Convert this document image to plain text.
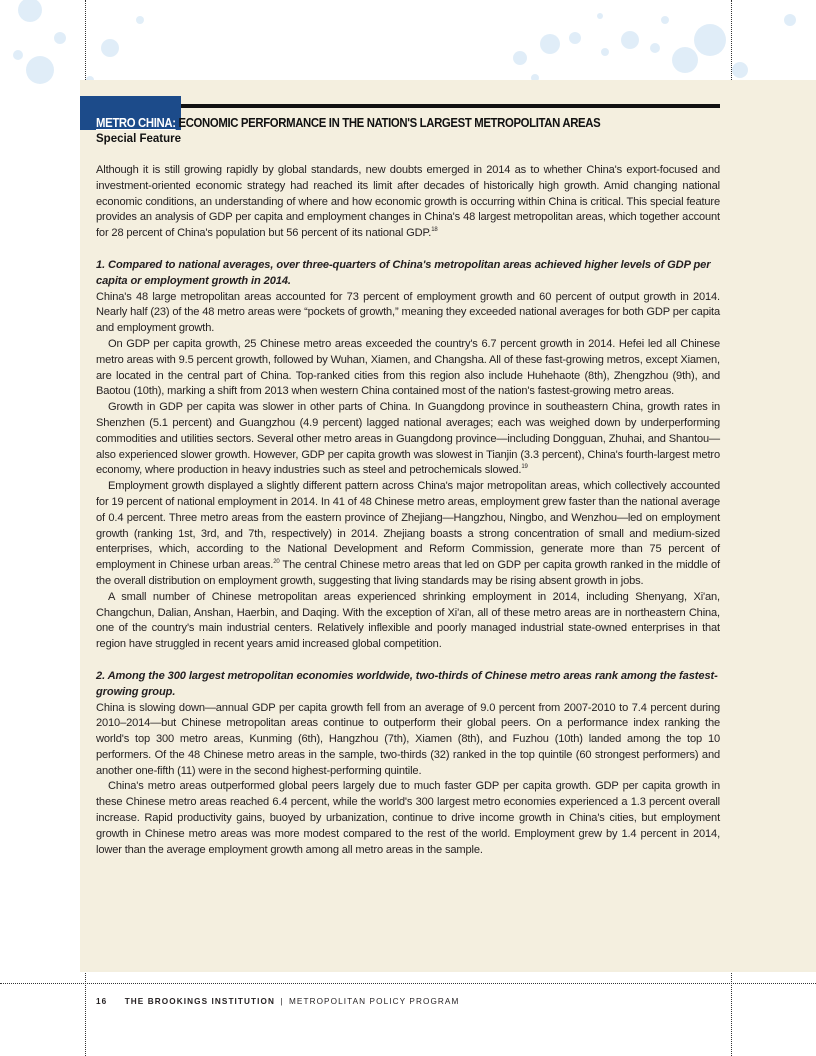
METRO CHINA: ECONOMIC PERFORMANCE IN THE NATION'S LARGEST METROPOLITAN AREAS
Special Feature

Although it is still growing rapidly by global standards, new doubts emerged in 2014 as to whether China's export-focused and investment-oriented economic strategy had reached its limit after decades of historically high growth. Amid changing national economic conditions, an understanding of where and how economic growth is occurring within China is critical. This special feature provides an analysis of GDP per capita and employment changes in China's 48 largest metropolitan areas, which together account for 28 percent of China's population but 56 percent of its national GDP.$^{18}$

1. Compared to national averages, over three-quarters of China's metropolitan areas achieved higher levels of GDP per capita or employment growth in 2014.

China's 48 large metropolitan areas accounted for 73 percent of employment growth and 60 percent of output growth in 2014. Nearly half (23) of the 48 metro areas were “pockets of growth,” meaning they exceeded national averages for both GDP per capita and employment growth.

On GDP per capita growth, 25 Chinese metro areas exceeded the country's 6.7 percent growth in 2014. Hefei led all Chinese metro areas with 9.5 percent growth, followed by Wuhan, Xiamen, and Changsha. All of these fast-growing metros, except Xiamen, are located in the central part of China. Top-ranked cities from this region also include Huhehaote (8th), Zhengzhou (9th), and Baotou (10th), marking a shift from 2013 when western China contained most of the nation's fastest-growing metro areas.

Growth in GDP per capita was slower in other parts of China. In Guangdong province in southeastern China, growth rates in Shenzhen (5.1 percent) and Guangzhou (4.9 percent) lagged national averages; each was weighed down by underperforming commodities and utilities sectors. Several other metro areas in Guangdong province—including Dongguan, Zhuhai, and Shantou—also experienced slower growth. However, GDP per capita growth was slowest in Tianjin (3.3 percent), China's fourth-largest metro economy, where production in heavy industries such as steel and petrochemicals slowed.$^{19}$

Employment growth displayed a slightly different pattern across China's major metropolitan areas, which collectively accounted for 19 percent of national employment in 2014. In 41 of 48 Chinese metro areas, employment grew faster than the national average of 0.4 percent. Three metro areas from the eastern province of Zhejiang—Hangzhou, Ningbo, and Wenzhou—led on employment growth (ranking 1st, 3rd, and 7th, respectively) in 2014. Zhejiang boasts a strong concentration of small and medium-sized enterprises, which, according to the National Development and Reform Commission, generate more than 75 percent of employment in Chinese urban areas.$^{20}$ The central Chinese metro areas that led on GDP per capita growth ranked in the middle of the overall distribution on employment growth, suggesting that living standards may be rising absent growth in jobs.

A small number of Chinese metropolitan areas experienced shrinking employment in 2014, including Shenyang, Xi'an, Changchun, Dalian, Anshan, Haerbin, and Daqing. With the exception of Xi'an, all of these metro areas are in northeastern China, one of the country's main industrial centers. Relatively inflexible and poorly managed industrial state-owned enterprises in that region have struggled in recent years amid increased global competition.

2. Among the 300 largest metropolitan economies worldwide, two-thirds of Chinese metro areas rank among the fastest-growing group.

China is slowing down—annual GDP per capita growth fell from an average of 9.0 percent from 2007-2010 to 7.4 percent during 2010–2014—but Chinese metropolitan areas continue to outperform their global peers. On a performance index ranking the world's top 300 metro areas, Kunming (6th), Hangzhou (7th), Xiamen (8th), and Fuzhou (10th) landed among the top 10 performers. Of the 48 Chinese metro areas in the sample, two-thirds (32) ranked in the top quintile (60 strongest performers) and another one-fifth (11) were in the second highest-performing quintile.

China's metro areas outperformed global peers largely due to much faster GDP per capita growth. GDP per capita growth in these Chinese metro areas reached 6.4 percent, while the world's 300 largest metro economies experienced a 1.3 percent overall increase. Rapid productivity gains, buoyed by urbanization, continue to drive income growth in China's cities, but employment growth in Chinese metro areas was more modest compared to the rest of the world. Employment grew by 1.4 percent in 2014, lower than the average employment growth among all metro areas in the sample.

16 THE BROOKINGS INSTITUTION | METROPOLITAN POLICY PROGRAM
